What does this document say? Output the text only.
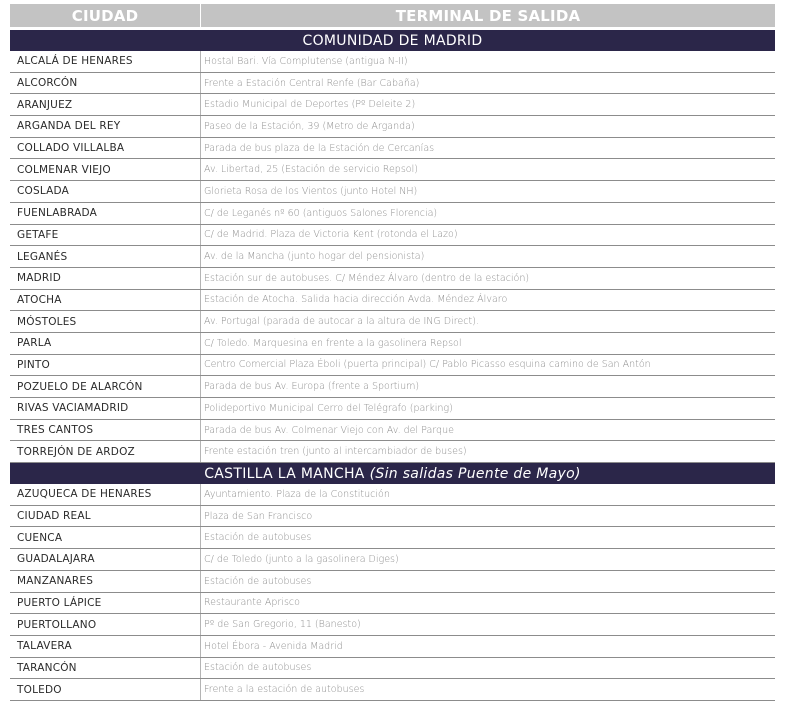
CIUDAD	TERMINAL DE SALIDA
COMUNIDAD DE MADRID
ALCALÁ DE HENARES	Hostal Bari. Vía Complutense (antigua N-II)
ALCORCÓN	Frente a Estación Central Renfe (Bar Cabaña)
ARANJUEZ	Estadio Municipal de Deportes (Pº Deleite 2)
ARGANDA DEL REY	Paseo de la Estación, 39 (Metro de Arganda)
COLLADO VILLALBA	Parada de bus plaza de la Estación de Cercanías
COLMENAR VIEJO	Av. Libertad, 25 (Estación de servicio Repsol)
COSLADA	Glorieta Rosa de los Vientos (junto Hotel NH)
FUENLABRADA	C/ de Leganés nº 60 (antiguos Salones Florencia)
GETAFE	C/ de Madrid. Plaza de Victoria Kent (rotonda el Lazo)
LEGANÉS	Av. de la Mancha (junto hogar del pensionista)
MADRID	Estación sur de autobuses. C/ Méndez Álvaro (dentro de la estación)
ATOCHA	Estación de Atocha. Salida hacia dirección Avda. Méndez Álvaro
MÓSTOLES	Av. Portugal (parada de autocar a la altura de ING Direct).
PARLA	C/ Toledo. Marquesina en frente a la gasolinera Repsol
PINTO	Centro Comercial Plaza Éboli (puerta principal) C/ Pablo Picasso esquina camino de San Antón
POZUELO DE ALARCÓN	Parada de bus Av. Europa (frente a Sportium)
RIVAS VACIAMADRID	Polideportivo Municipal Cerro del Telégrafo (parking)
TRES CANTOS	Parada de bus Av. Colmenar Viejo con Av. del Parque
TORREJÓN DE ARDOZ	Frente estación tren (junto al intercambiador de buses)
CASTILLA LA MANCHA (Sin salidas Puente de Mayo)
AZUQUECA DE HENARES	Ayuntamiento. Plaza de la Constitución
CIUDAD REAL	Plaza de San Francisco
CUENCA	Estación de autobuses
GUADALAJARA	C/ de Toledo (junto a la gasolinera Diges)
MANZANARES	Estación de autobuses
PUERTO LÁPICE	Restaurante Aprisco
PUERTOLLANO	Pº de San Gregorio, 11 (Banesto)
TALAVERA	Hotel Ébora - Avenida Madrid
TARANCÓN	Estación de autobuses
TOLEDO	Frente a la estación de autobuses
